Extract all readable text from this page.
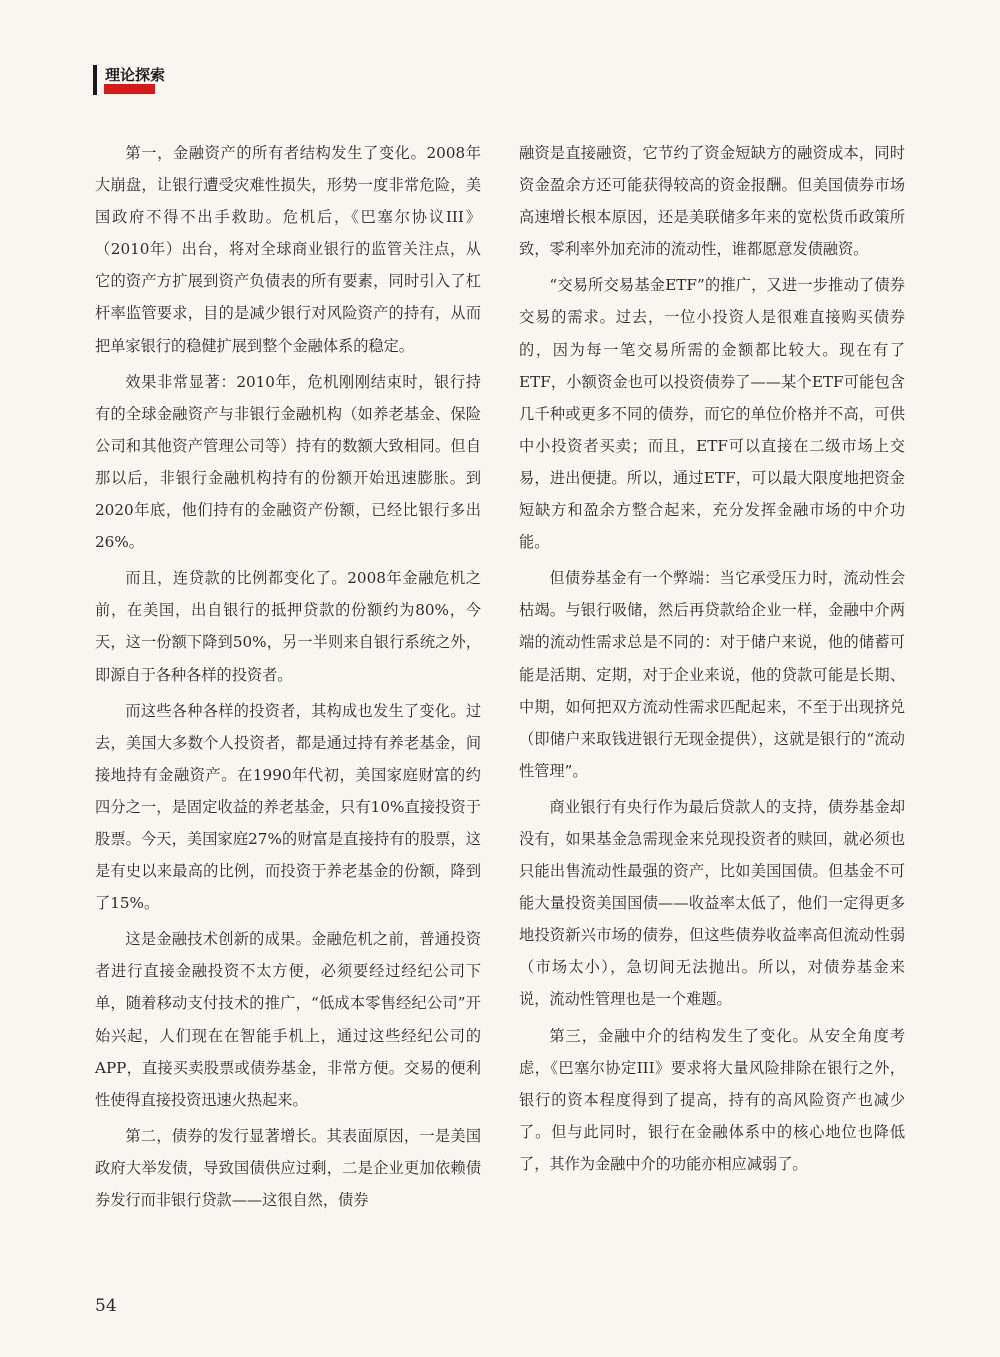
理论探索

第一，金融资产的所有者结构发生了变化。2008年大崩盘，让银行遭受灾难性损失，形势一度非常危险，美国政府不得不出手救助。危机后，《巴塞尔协议III》（2010年）出台，将对全球商业银行的监管关注点，从它的资产方扩展到资产负债表的所有要素，同时引入了杠杆率监管要求，目的是减少银行对风险资产的持有，从而把单家银行的稳健扩展到整个金融体系的稳定。

效果非常显著：2010年，危机刚刚结束时，银行持有的全球金融资产与非银行金融机构（如养老基金、保险公司和其他资产管理公司等）持有的数额大致相同。但自那以后，非银行金融机构持有的份额开始迅速膨胀。到2020年底，他们持有的金融资产份额，已经比银行多出26%。

而且，连贷款的比例都变化了。2008年金融危机之前，在美国，出自银行的抵押贷款的份额约为80%，今天，这一份额下降到50%，另一半则来自银行系统之外，即源自于各种各样的投资者。

而这些各种各样的投资者，其构成也发生了变化。过去，美国大多数个人投资者，都是通过持有养老基金，间接地持有金融资产。在1990年代初，美国家庭财富的约四分之一，是固定收益的养老基金，只有10%直接投资于股票。今天，美国家庭27%的财富是直接持有的股票，这是有史以来最高的比例，而投资于养老基金的份额，降到了15%。

这是金融技术创新的成果。金融危机之前，普通投资者进行直接金融投资不太方便，必须要经过经纪公司下单，随着移动支付技术的推广，“低成本零售经纪公司”开始兴起，人们现在在智能手机上，通过这些经纪公司的APP，直接买卖股票或债券基金，非常方便。交易的便利性使得直接投资迅速火热起来。

第二，债券的发行显著增长。其表面原因，一是美国政府大举发债，导致国债供应过剩，二是企业更加依赖债券发行而非银行贷款——这很自然，债券

融资是直接融资，它节约了资金短缺方的融资成本，同时资金盈余方还可能获得较高的资金报酬。但美国债券市场高速增长根本原因，还是美联储多年来的宽松货币政策所致，零利率外加充沛的流动性，谁都愿意发债融资。

“交易所交易基金ETF”的推广，又进一步推动了债券交易的需求。过去，一位小投资人是很难直接购买债券的，因为每一笔交易所需的金额都比较大。现在有了ETF，小额资金也可以投资债券了——某个ETF可能包含几千种或更多不同的债券，而它的单位价格并不高，可供中小投资者买卖；而且，ETF可以直接在二级市场上交易，进出便捷。所以，通过ETF，可以最大限度地把资金短缺方和盈余方整合起来，充分发挥金融市场的中介功能。

但债券基金有一个弊端：当它承受压力时，流动性会枯竭。与银行吸储，然后再贷款给企业一样，金融中介两端的流动性需求总是不同的：对于储户来说，他的储蓄可能是活期、定期，对于企业来说，他的贷款可能是长期、中期，如何把双方流动性需求匹配起来，不至于出现挤兑（即储户来取钱进银行无现金提供），这就是银行的“流动性管理”。

商业银行有央行作为最后贷款人的支持，债券基金却没有，如果基金急需现金来兑现投资者的赎回，就必须也只能出售流动性最强的资产，比如美国国债。但基金不可能大量投资美国国债——收益率太低了，他们一定得更多地投资新兴市场的债券，但这些债券收益率高但流动性弱（市场太小），急切间无法抛出。所以，对债券基金来说，流动性管理也是一个难题。

第三，金融中介的结构发生了变化。从安全角度考虑，《巴塞尔协定III》要求将大量风险排除在银行之外，银行的资本程度得到了提高，持有的高风险资产也减少了。但与此同时，银行在金融体系中的核心地位也降低了，其作为金融中介的功能亦相应减弱了。

54
